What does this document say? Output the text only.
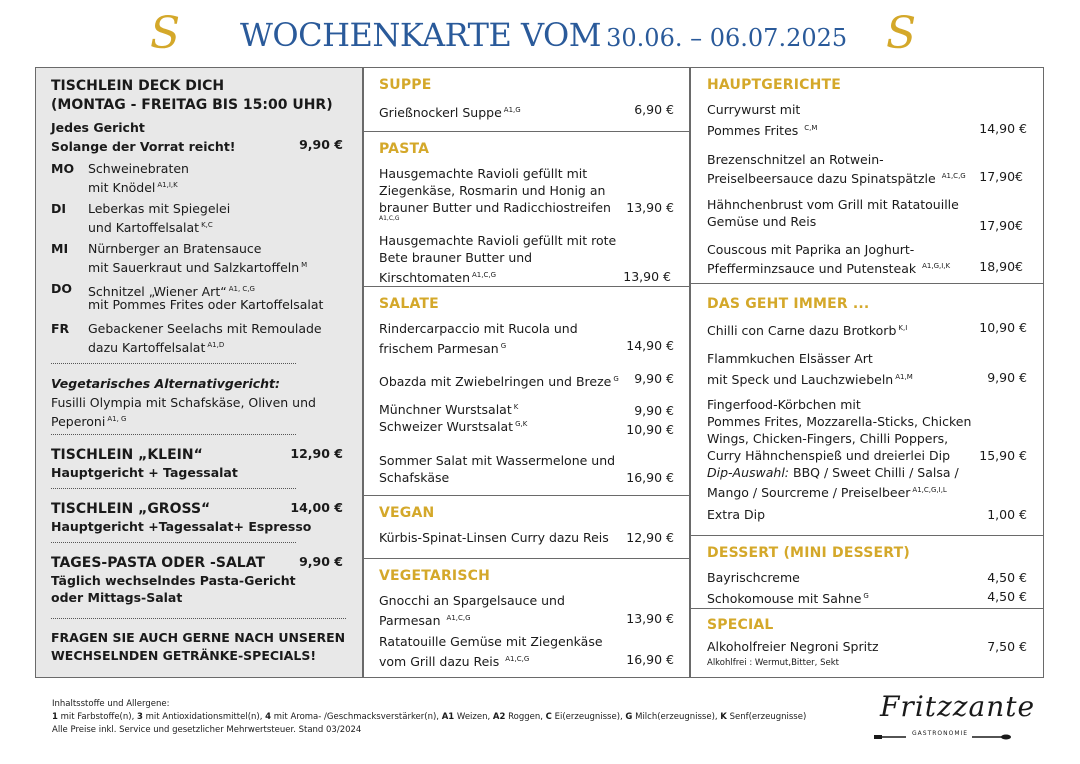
S WOCHENKARTE VOM 30.06. – 06.07.2025 S
TISCHLEIN DECK DICH
(MONTAG - FREITAG BIS 15:00 UHR)
Jedes Gericht
Solange der Vorrat reicht!	9,90 €
MO Schweinebraten
mit Knödel $^{A1,I,K}$
DI Leberkas mit Spiegelei
und Kartoffelsalat $^{K,C}$
MI Nürnberger an Bratensauce
mit Sauerkraut und Salzkartoffeln $^M$
DO Schnitzel „Wiener Art“ $^{A1, C,G}$
mit Pommes Frites oder Kartoffelsalat
FR Gebackener Seelachs mit Remoulade
dazu Kartoffelsalat $^{A1,D}$
Vegetarisches Alternativgericht:
Fusilli Olympia mit Schafskäse, Oliven und
Peperoni $^{A1, G}$
TISCHLEIN „KLEIN“	12,90 €
Hauptgericht + Tagessalat
TISCHLEIN „GROSS“	14,00 €
Hauptgericht +Tagessalat+ Espresso
TAGES-PASTA ODER -SALAT	9,90 €
Täglich wechselndes Pasta-Gericht
oder Mittags-Salat
FRAGEN SIE AUCH GERNE NACH UNSEREN
WECHSELNDEN GETRÄNKE-SPECIALS!
SUPPE
Grießnockerl Suppe $^{A1,G}$	6,90 €
PASTA
Hausgemachte Ravioli gefüllt mit
Ziegenkäse, Rosmarin und Honig an
brauner Butter und Radicchiostreifen
A1,C,G
13,90 €
Hausgemachte Ravioli gefüllt mit rote
Bete brauner Butter und
Kirschtomaten $^{A1,C,G}$	13,90 €
SALATE
Rindercarpaccio mit Rucola und
frischem Parmesan $^G$	14,90 €
Obazda mit Zwiebelringen und Breze $^G$ 9,90 €
Münchner Wurstsalat $^K$	9,90 €
Schweizer Wurstsalat $^{G,K}$	10,90 €
Sommer Salat mit Wassermelone und
Schafskäse	16,90 €
VEGAN
Kürbis-Spinat-Linsen Curry dazu Reis 12,90 €
VEGETARISCH
Gnocchi an Spargelsauce und
Parmesan $^{A1,C,G}$	13,90 €
Ratatouille Gemüse mit Ziegenkäse
vom Grill dazu Reis $^{A1,C,G}$	16,90 €
HAUPTGERICHTE
Currywurst mit
Pommes Frites $^{C,M}$	14,90 €
Brezenschnitzel an Rotwein-
Preiselbeersauce dazu Spinatspätzle $^{A1,C,G}$ 17,90€
Hähnchenbrust vom Grill mit Ratatouille
Gemüse und Reis	17,90€
Couscous mit Paprika an Joghurt-
Pfefferminzsauce und Putensteak $^{A1,G,I,K}$ 18,90€
DAS GEHT IMMER ...
Chilli con Carne dazu Brotkorb $^{K,I}$	10,90 €
Flammkuchen Elsässer Art
mit Speck und Lauchzwiebeln $^{A1,M}$	9,90 €
Fingerfood-Körbchen mit
Pommes Frites, Mozzarella-Sticks, Chicken
Wings, Chicken-Fingers, Chilli Poppers,
Curry Hähnchenspieß und dreierlei Dip 15,90 €
Dip-Auswahl: BBQ / Sweet Chilli / Salsa /
Mango / Sourcreme / Preiselbeer $^{A1,C,G,I,L}$
Extra Dip	1,00 €
DESSERT (MINI DESSERT)
Bayrischcreme	4,50 €
Schokomouse mit Sahne $^G$	4,50 €
SPECIAL
Alkoholfreier Negroni Spritz	7,50 €
Alkohlfrei : Wermut,Bitter, Sekt
Inhaltsstoffe und Allergene:
1 mit Farbstoffe(n), 3 mit Antioxidationsmittel(n), 4 mit Aroma- /Geschmacksverstärker(n), A1 Weizen, A2 Roggen, C Ei(erzeugnisse), G Milch(erzeugnisse), K Senf(erzeugnisse)
Alle Preise inkl. Service und gesetzlicher Mehrwertsteuer. Stand 03/2024
Fritzzante
GASTRONOMIE
